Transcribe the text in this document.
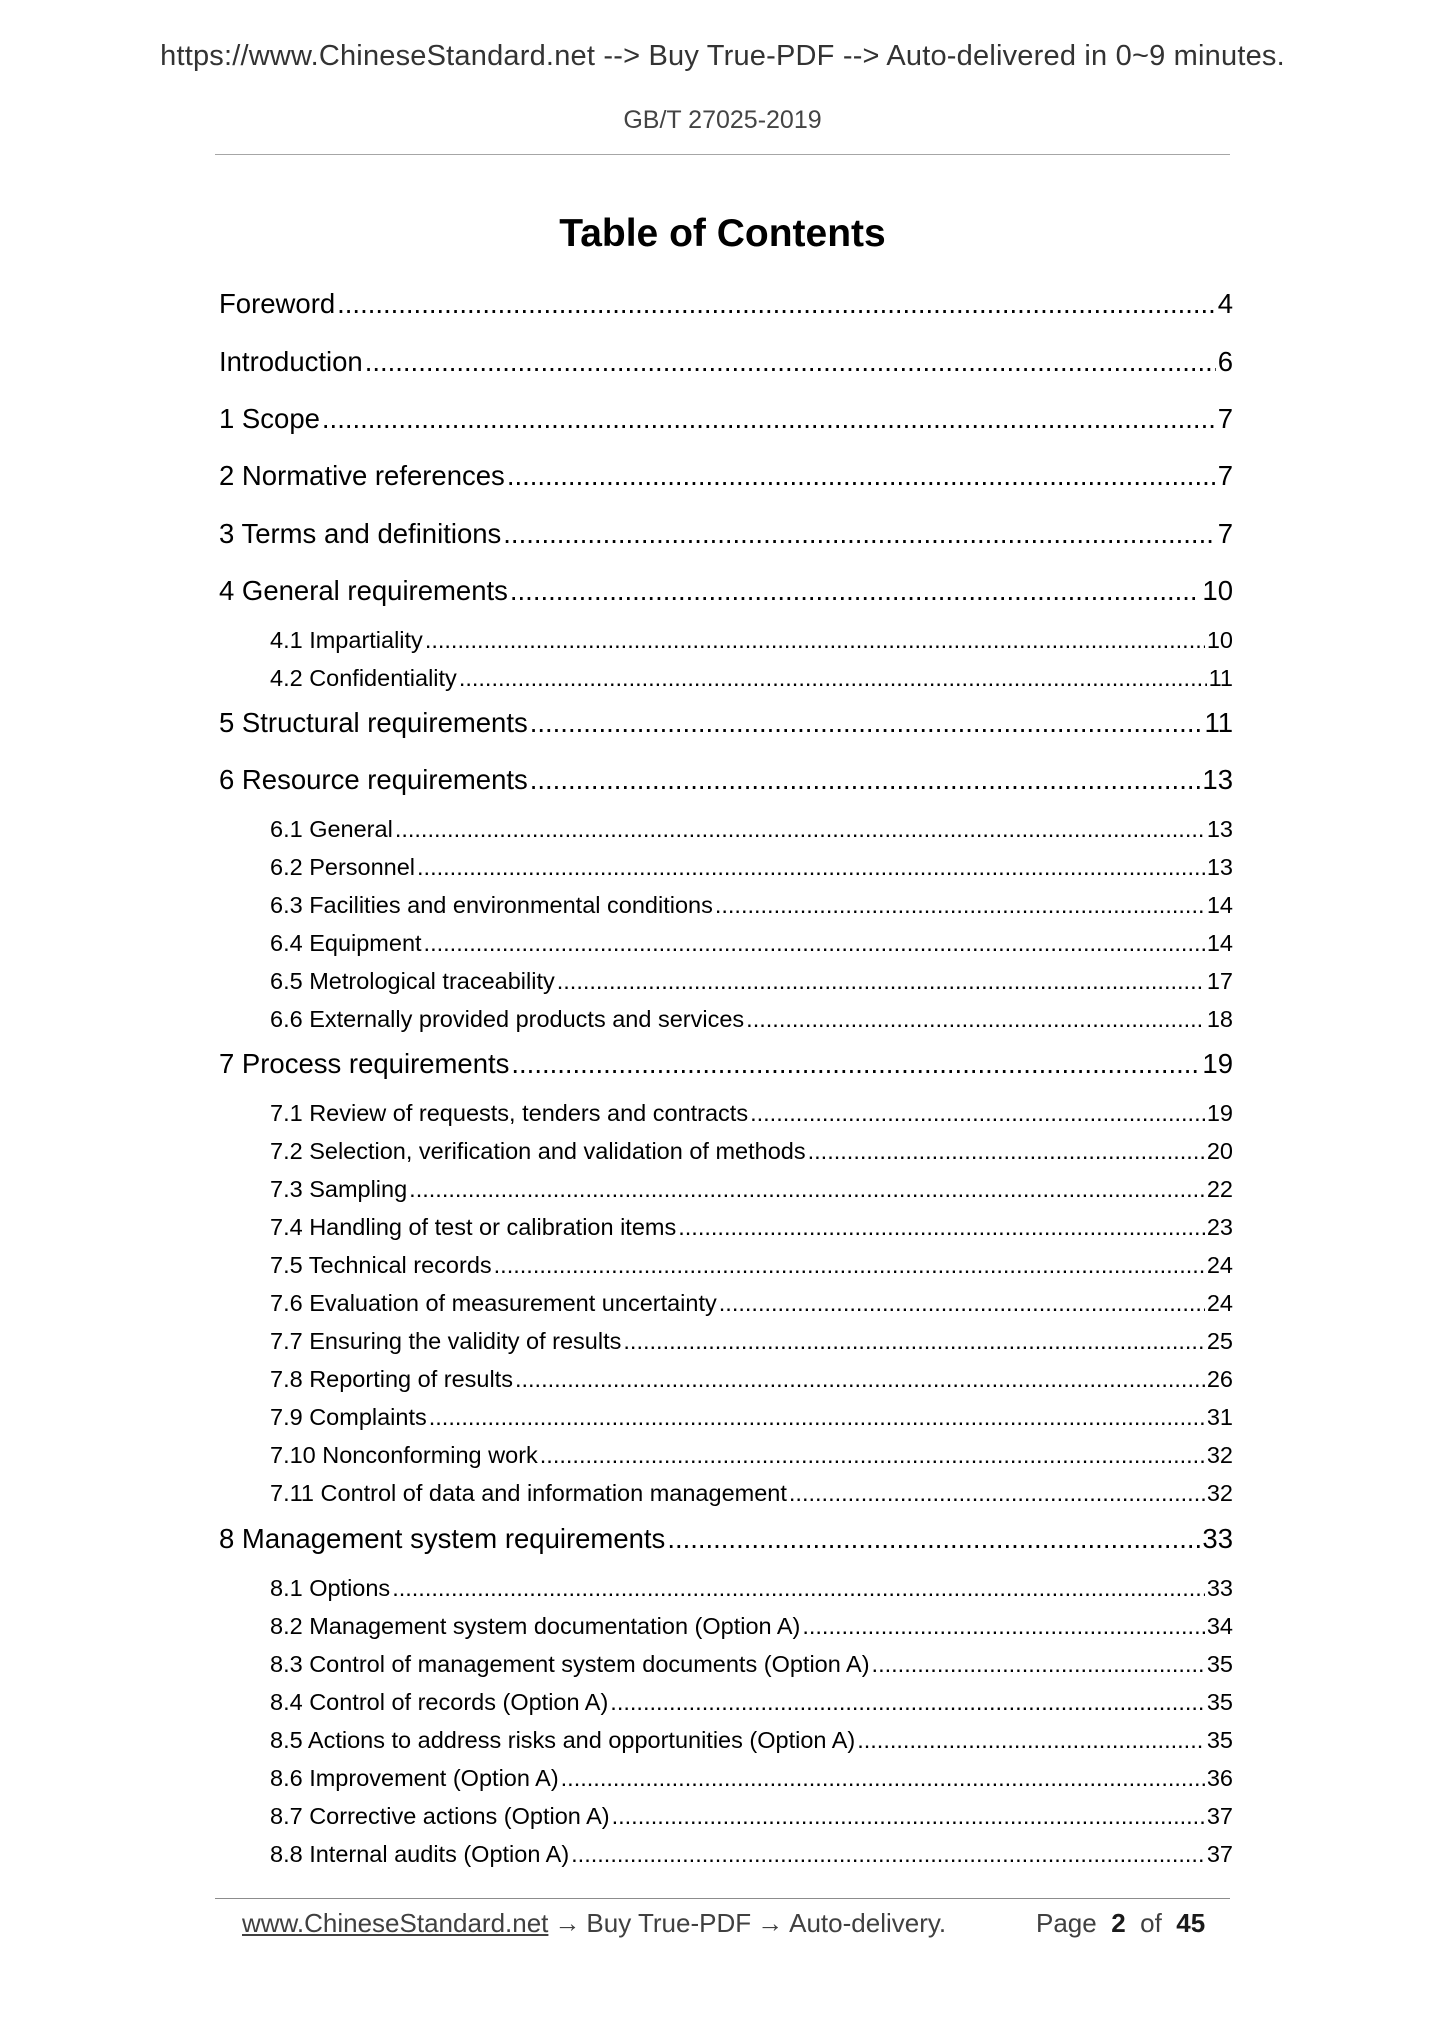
https://www.ChineseStandard.net --> Buy True-PDF --> Auto-delivered in 0~9 minutes.
GB/T 27025-2019
Table of Contents
Foreword .....	4
Introduction .....	6
1 Scope .....	7
2 Normative references .....	7
3 Terms and definitions .....	7
4 General requirements .....	10
4.1 Impartiality .....	10
4.2 Confidentiality .....	11
5 Structural requirements .....	11
6 Resource requirements .....	13
6.1 General .....	13
6.2 Personnel .....	13
6.3 Facilities and environmental conditions .....	14
6.4 Equipment .....	14
6.5 Metrological traceability .....	17
6.6 Externally provided products and services .....	18
7 Process requirements .....	19
7.1 Review of requests, tenders and contracts .....	19
7.2 Selection, verification and validation of methods .....	20
7.3 Sampling .....	22
7.4 Handling of test or calibration items .....	23
7.5 Technical records .....	24
7.6 Evaluation of measurement uncertainty .....	24
7.7 Ensuring the validity of results .....	25
7.8 Reporting of results .....	26
7.9 Complaints .....	31
7.10 Nonconforming work .....	32
7.11 Control of data and information management .....	32
8 Management system requirements .....	33
8.1 Options .....	33
8.2 Management system documentation (Option A) .....	34
8.3 Control of management system documents (Option A) .....	35
8.4 Control of records (Option A) .....	35
8.5 Actions to address risks and opportunities (Option A) .....	35
8.6 Improvement (Option A) .....	36
8.7 Corrective actions (Option A) .....	37
8.8 Internal audits (Option A) .....	37
www.ChineseStandard.net → Buy True-PDF → Auto-delivery.	Page 2 of 45
